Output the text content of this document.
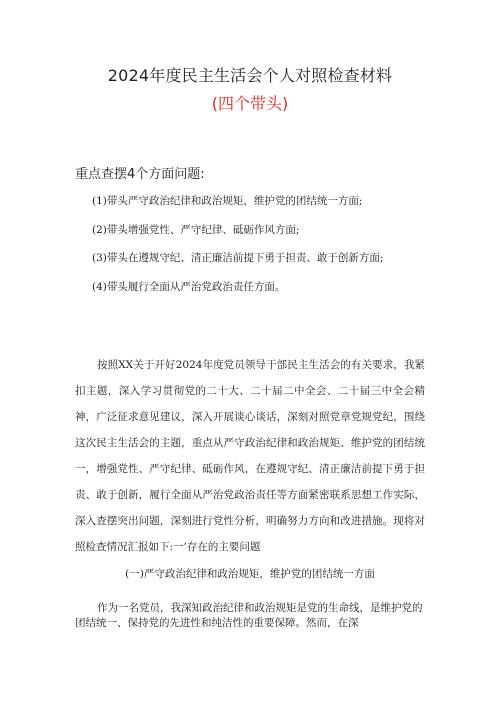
2024年度民主生活会个人对照检查材料
(四个带头)
重点查摆4个方面问题:
(1)带头严守政治纪律和政治规矩，维护党的团结统一方面;
(2)带头增强党性、严守纪律、砥砺作风方面;
(3)带头在遵规守纪、清正廉洁前提下勇于担责、敢于创新方面;
(4)带头履行全面从严治党政治责任方面。

按照XX关于开好2024年度党员领导干部民主生活会的有关要求，我紧扣主题，深入学习贯彻党的二十大、二十届二中全会、二十届三中全会精神，广泛征求意见建议，深入开展谈心谈话，深刻对照党章党规党纪，围绕这次民主生活会的主题，重点从严守政治纪律和政治规矩、维护党的团结统一，增强党性、严守纪律、砥砺作风，在遵规守纪、清正廉洁前提下勇于担责、敢于创新，履行全面从严治党政治责任等方面紧密联系思想工作实际，深入查摆突出问题，深刻进行党性分析，明确努力方向和改进措施。现将对照检查情况汇报如下:一’存在的主要问题

(一)严守政治纪律和政治规矩，维护党的团结统一方面

作为一名党员，我深知政治纪律和政治规矩是党的生命线，是维护党的团结统一、保持党的先进性和纯洁性的重要保障。然而，在深
